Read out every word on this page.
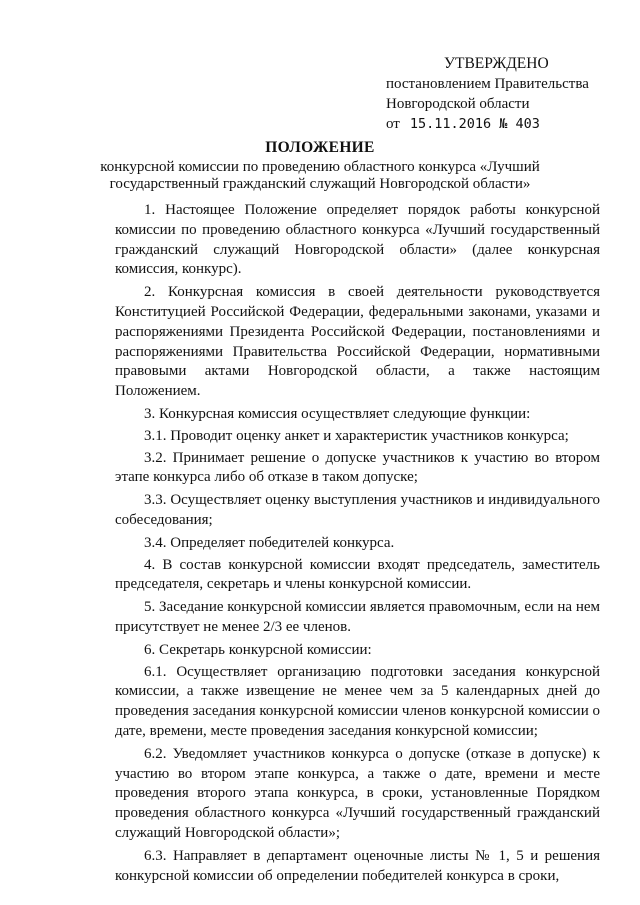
УТВЕРЖДЕНО
постановлением Правительства
Новгородской области
от 15.11.2016 № 403
ПОЛОЖЕНИЕ
конкурсной комиссии по проведению областного конкурса «Лучший
государственный гражданский служащий Новгородской области»

1. Настоящее Положение определяет порядок работы конкурсной комиссии по проведению областного конкурса «Лучший государственный гражданский служащий Новгородской области» (далее конкурсная комиссия, конкурс).

2. Конкурсная комиссия в своей деятельности руководствуется Конституцией Российской Федерации, федеральными законами, указами и распоряжениями Президента Российской Федерации, постановлениями и распоряжениями Правительства Российской Федерации, нормативными правовыми актами Новгородской области, а также настоящим Положением.

3. Конкурсная комиссия осуществляет следующие функции:

3.1. Проводит оценку анкет и характеристик участников конкурса;

3.2. Принимает решение о допуске участников к участию во втором этапе конкурса либо об отказе в таком допуске;

3.3. Осуществляет оценку выступления участников и индивидуального собеседования;

3.4. Определяет победителей конкурса.

4. В состав конкурсной комиссии входят председатель, заместитель председателя, секретарь и члены конкурсной комиссии.

5. Заседание конкурсной комиссии является правомочным, если на нем присутствует не менее 2/3 ее членов.

6. Секретарь конкурсной комиссии:

6.1. Осуществляет организацию подготовки заседания конкурсной комиссии, а также извещение не менее чем за 5 календарных дней до проведения заседания конкурсной комиссии членов конкурсной комиссии о дате, времени, месте проведения заседания конкурсной комиссии;

6.2. Уведомляет участников конкурса о допуске (отказе в допуске) к участию во втором этапе конкурса, а также о дате, времени и месте проведения второго этапа конкурса, в сроки, установленные Порядком проведения областного конкурса «Лучший государственный гражданский служащий Новгородской области»;

6.3. Направляет в департамент оценочные листы № 1, 5 и решения конкурсной комиссии об определении победителей конкурса в сроки,
